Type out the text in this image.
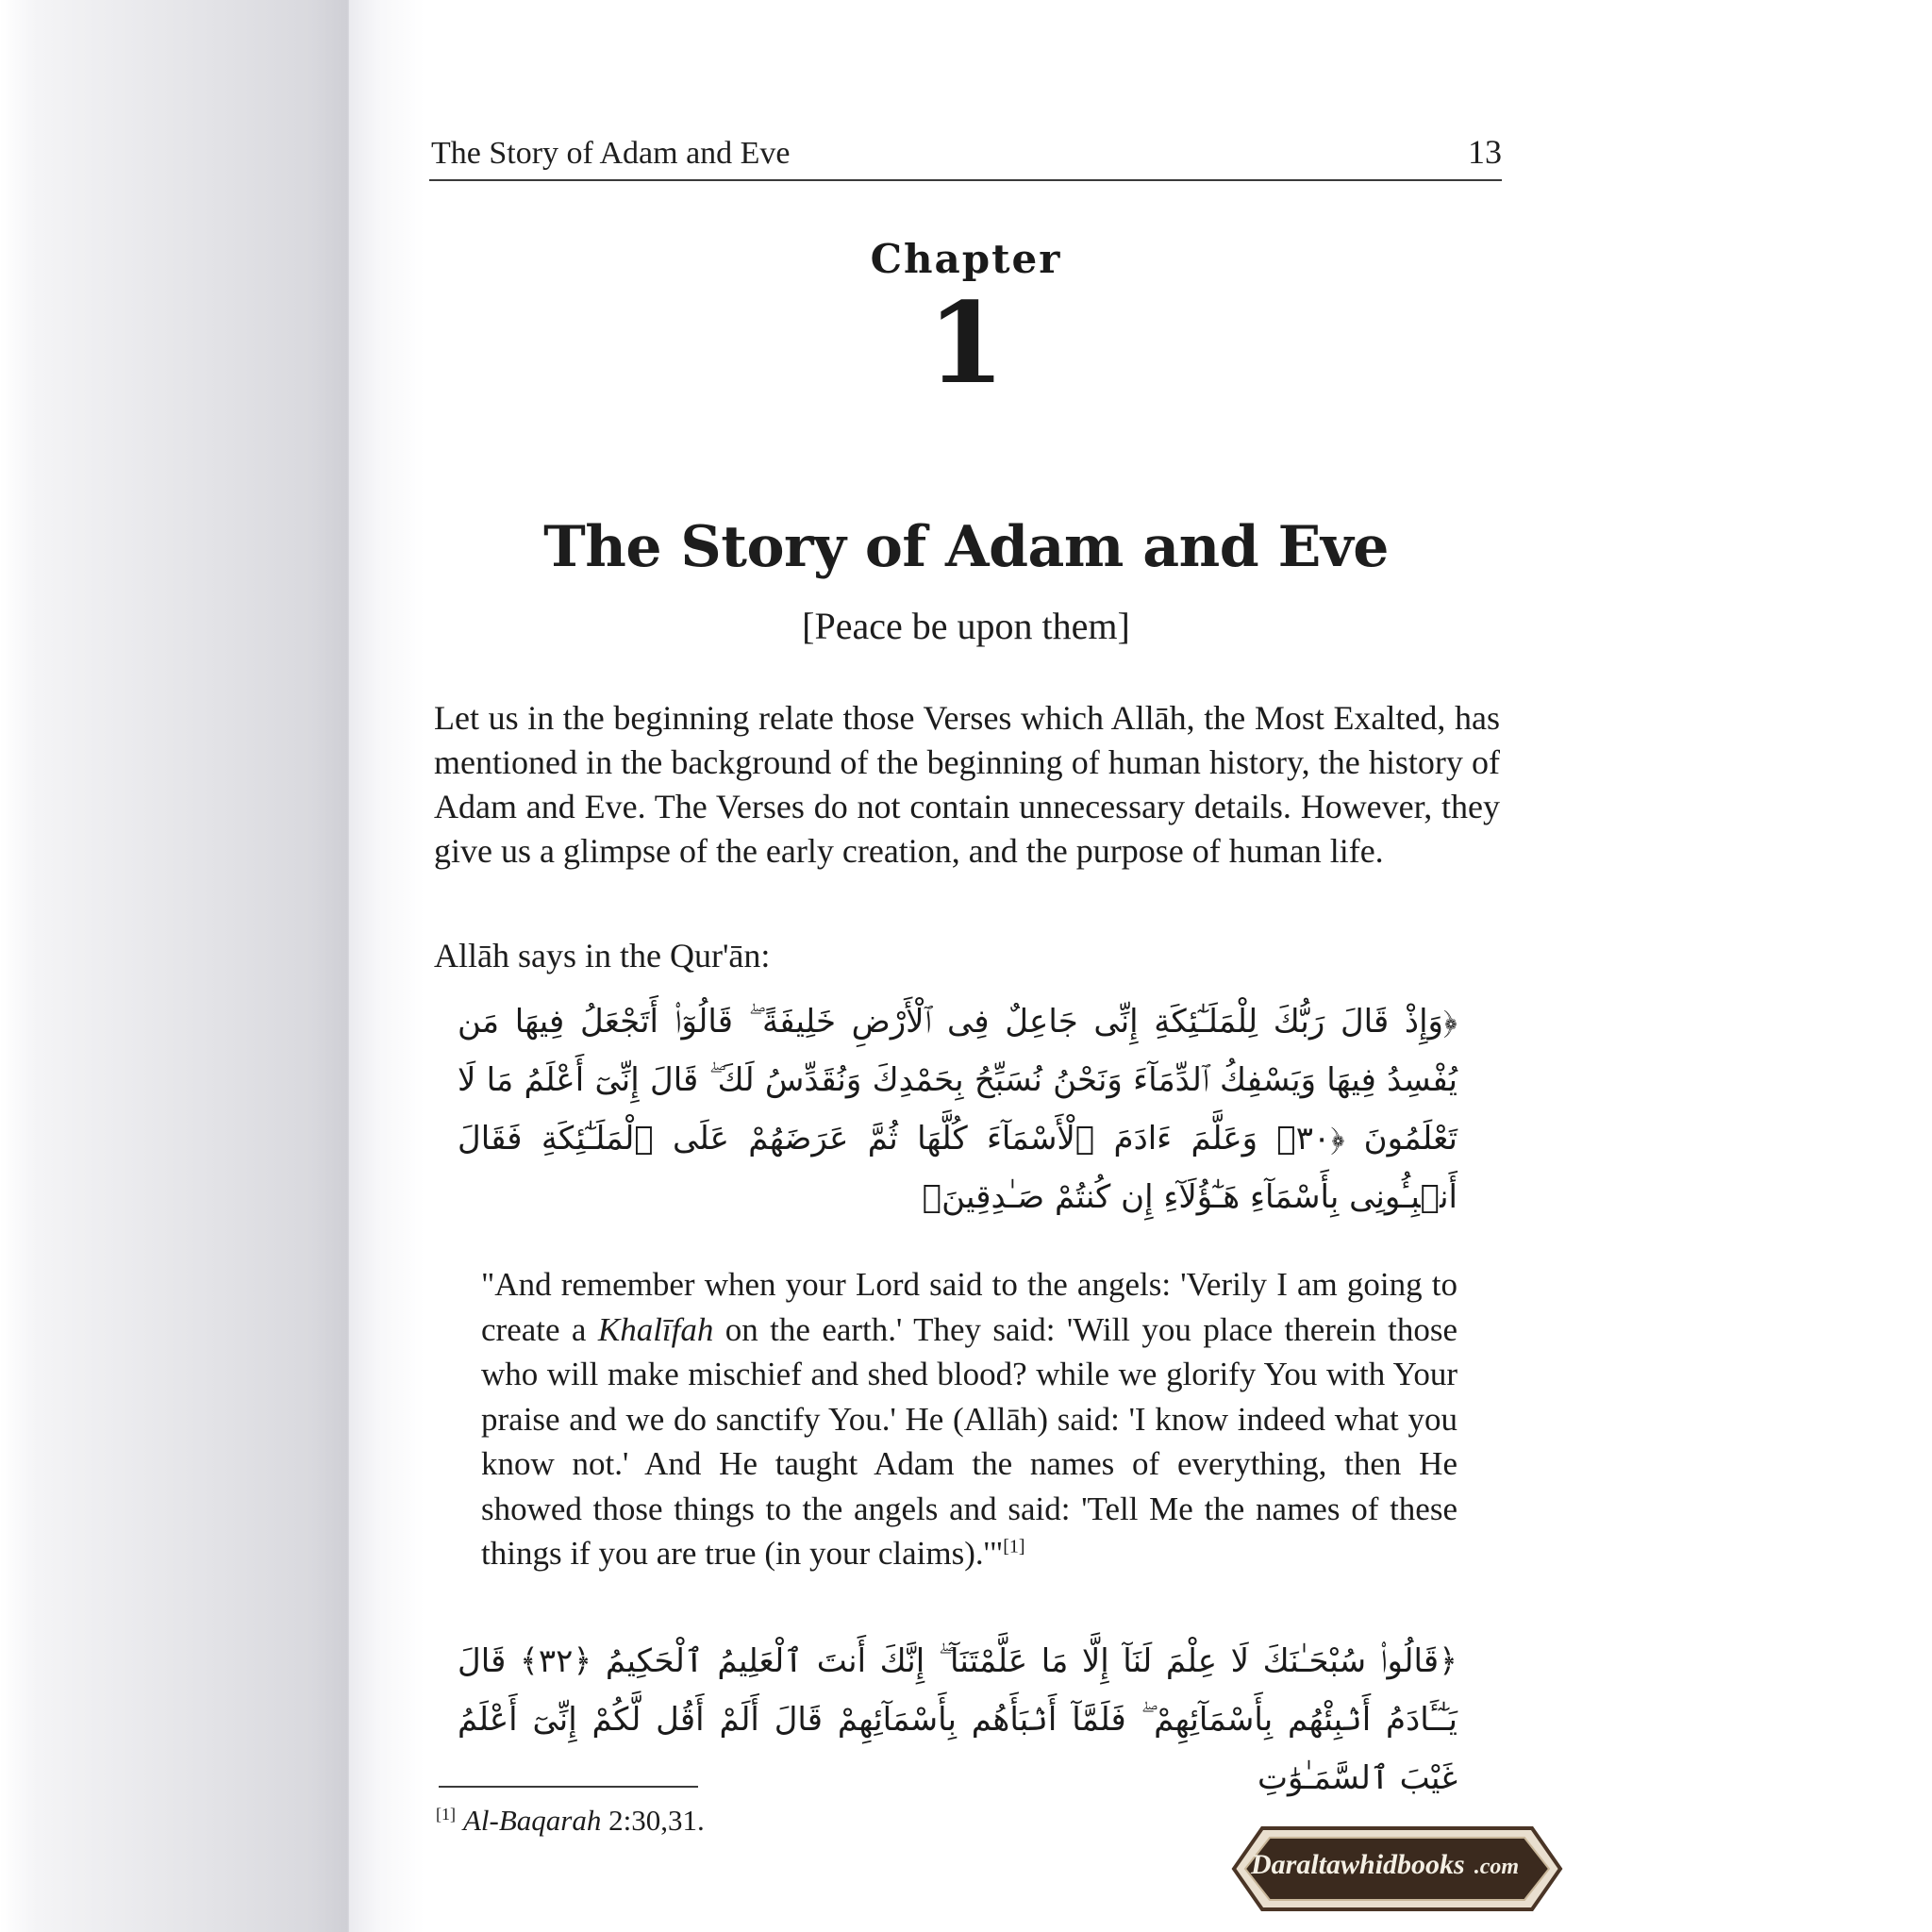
The Story of Adam and Eve	13
Chapter
1
The Story of Adam and Eve
[Peace be upon them]
Let us in the beginning relate those Verses which Allāh, the Most Exalted, has mentioned in the background of the beginning of human history, the history of Adam and Eve. The Verses do not contain unnecessary details. However, they give us a glimpse of the early creation, and the purpose of human life.
Allāh says in the Qur'ān:
﴿وَإِذْ قَالَ رَبُّكَ لِلْمَلَـٰٓئِكَةِ إِنِّى جَاعِلٌ فِى ٱلْأَرْضِ خَلِيفَةً ۖ قَالُوٓا۟ أَتَجْعَلُ فِيهَا مَن يُفْسِدُ فِيهَا وَيَسْفِكُ ٱلدِّمَآءَ وَنَحْنُ نُسَبِّحُ بِحَمْدِكَ وَنُقَدِّسُ لَكَ ۖ قَالَ إِنِّىٓ أَعْلَمُ مَا لَا تَعْلَمُونَ ﴿٣٠﴾ وَعَلَّمَ ءَادَمَ ٱلْأَسْمَآءَ كُلَّهَا ثُمَّ عَرَضَهُمْ عَلَى ٱلْمَلَـٰٓئِكَةِ فَقَالَ أَنۢبِـُٔونِى بِأَسْمَآءِ هَـٰٓؤُلَآءِ إِن كُنتُمْ صَـٰدِقِينَ﴾
"And remember when your Lord said to the angels: 'Verily I am going to create a Khalīfah on the earth.' They said: 'Will you place therein those who will make mischief and shed blood? while we glorify You with Your praise and we do sanctify You.' He (Allāh) said: 'I know indeed what you know not.' And He taught Adam the names of everything, then He showed those things to the angels and said: 'Tell Me the names of these things if you are true (in your claims).'"[1]
﴿قَالُوا۟ سُبْحَـٰنَكَ لَا عِلْمَ لَنَآ إِلَّا مَا عَلَّمْتَنَآ ۖ إِنَّكَ أَنتَ ٱلْعَلِيمُ ٱلْحَكِيمُ ﴿٣٢﴾ قَالَ يَـٰٓـَٔادَمُ أَنۢبِئْهُم بِأَسْمَآئِهِمْ ۖ فَلَمَّآ أَنۢبَأَهُم بِأَسْمَآئِهِمْ قَالَ أَلَمْ أَقُل لَّكُمْ إِنِّىٓ أَعْلَمُ غَيْبَ ٱلسَّمَـٰوَٰتِ
[1] Al-Baqarah 2:30,31.
Daraltawhidbooks .com
